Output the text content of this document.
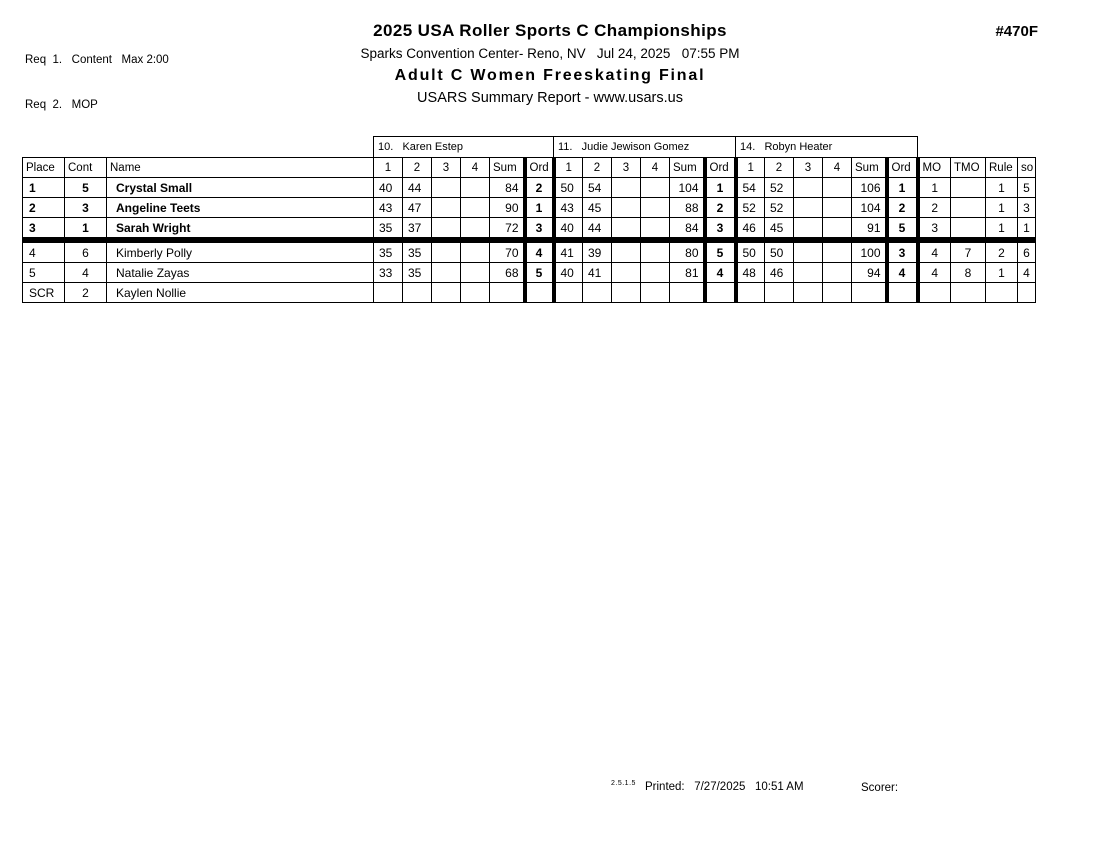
Req  1.   Content   Max 2:00

Req  2.   MOP

2025 USA Roller Sports C Championships	#470F
Sparks Convention Center- Reno, NV   Jul 24, 2025   07:55 PM
Adult C Women Freeskating Final
USARS Summary Report - www.usars.us
			10.   Karen Estep						11.   Judie Jewison Gomez						14.   Robyn Heater									
Place	Cont	Name	1	2	3	4	Sum	Ord	1	2	3	4	Sum	Ord	1	2	3	4	Sum	Ord	MO	TMO	Rule	so
1	5	Crystal Small	40	44			84	2	50	54			104	1	54	52			106	1	1		1	5
2	3	Angeline Teets	43	47			90	1	43	45			88	2	52	52			104	2	2		1	3
3	1	Sarah Wright	35	37			72	3	40	44			84	3	46	45			91	5	3		1	1
4	6	Kimberly Polly	35	35			70	4	41	39			80	5	50	50			100	3	4	7	2	6
5	4	Natalie Zayas	33	35			68	5	40	41			81	4	48	46			94	4	4	8	1	4
SCR	2	Kaylen Nollie																						
2.5.1.5 Printed:   7/27/2025   10:51 AM	Scorer:
